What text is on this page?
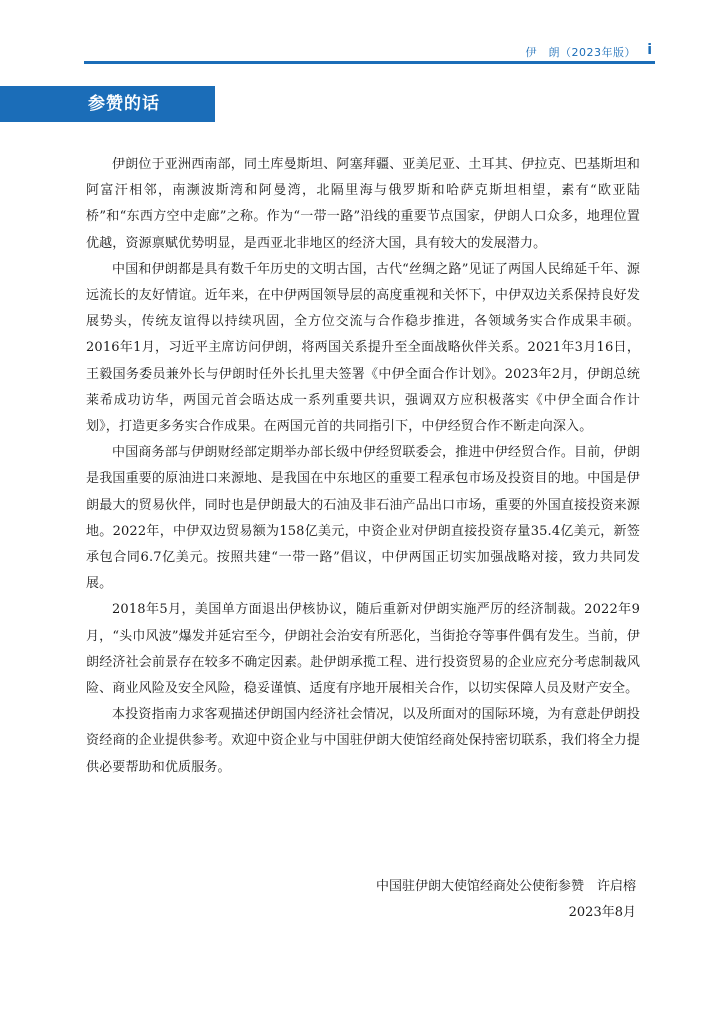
伊　朗（2023年版） i
参赞的话

伊朗位于亚洲西南部，同土库曼斯坦、阿塞拜疆、亚美尼亚、土耳其、伊拉克、巴基斯坦和阿富汗相邻，南濒波斯湾和阿曼湾，北隔里海与俄罗斯和哈萨克斯坦相望，素有“欧亚陆桥”和“东西方空中走廊”之称。作为“一带一路”沿线的重要节点国家，伊朗人口众多，地理位置优越，资源禀赋优势明显，是西亚北非地区的经济大国，具有较大的发展潜力。

中国和伊朗都是具有数千年历史的文明古国，古代“丝绸之路”见证了两国人民绵延千年、源远流长的友好情谊。近年来，在中伊两国领导层的高度重视和关怀下，中伊双边关系保持良好发展势头，传统友谊得以持续巩固，全方位交流与合作稳步推进，各领域务实合作成果丰硕。2016年1月，习近平主席访问伊朗，将两国关系提升至全面战略伙伴关系。2021年3月16日，王毅国务委员兼外长与伊朗时任外长扎里夫签署《中伊全面合作计划》。2023年2月，伊朗总统莱希成功访华，两国元首会晤达成一系列重要共识，强调双方应积极落实《中伊全面合作计划》，打造更多务实合作成果。在两国元首的共同指引下，中伊经贸合作不断走向深入。

中国商务部与伊朗财经部定期举办部长级中伊经贸联委会，推进中伊经贸合作。目前，伊朗是我国重要的原油进口来源地、是我国在中东地区的重要工程承包市场及投资目的地。中国是伊朗最大的贸易伙伴，同时也是伊朗最大的石油及非石油产品出口市场，重要的外国直接投资来源地。2022年，中伊双边贸易额为158亿美元，中资企业对伊朗直接投资存量35.4亿美元，新签承包合同6.7亿美元。按照共建“一带一路”倡议，中伊两国正切实加强战略对接，致力共同发展。

2018年5月，美国单方面退出伊核协议，随后重新对伊朗实施严厉的经济制裁。2022年9月，“头巾风波”爆发并延宕至今，伊朗社会治安有所恶化，当街抢夺等事件偶有发生。当前，伊朗经济社会前景存在较多不确定因素。赴伊朗承揽工程、进行投资贸易的企业应充分考虑制裁风险、商业风险及安全风险，稳妥谨慎、适度有序地开展相关合作，以切实保障人员及财产安全。

本投资指南力求客观描述伊朗国内经济社会情况，以及所面对的国际环境，为有意赴伊朗投资经商的企业提供参考。欢迎中资企业与中国驻伊朗大使馆经商处保持密切联系，我们将全力提供必要帮助和优质服务。

中国驻伊朗大使馆经商处公使衔参赞　许启榕
2023年8月
